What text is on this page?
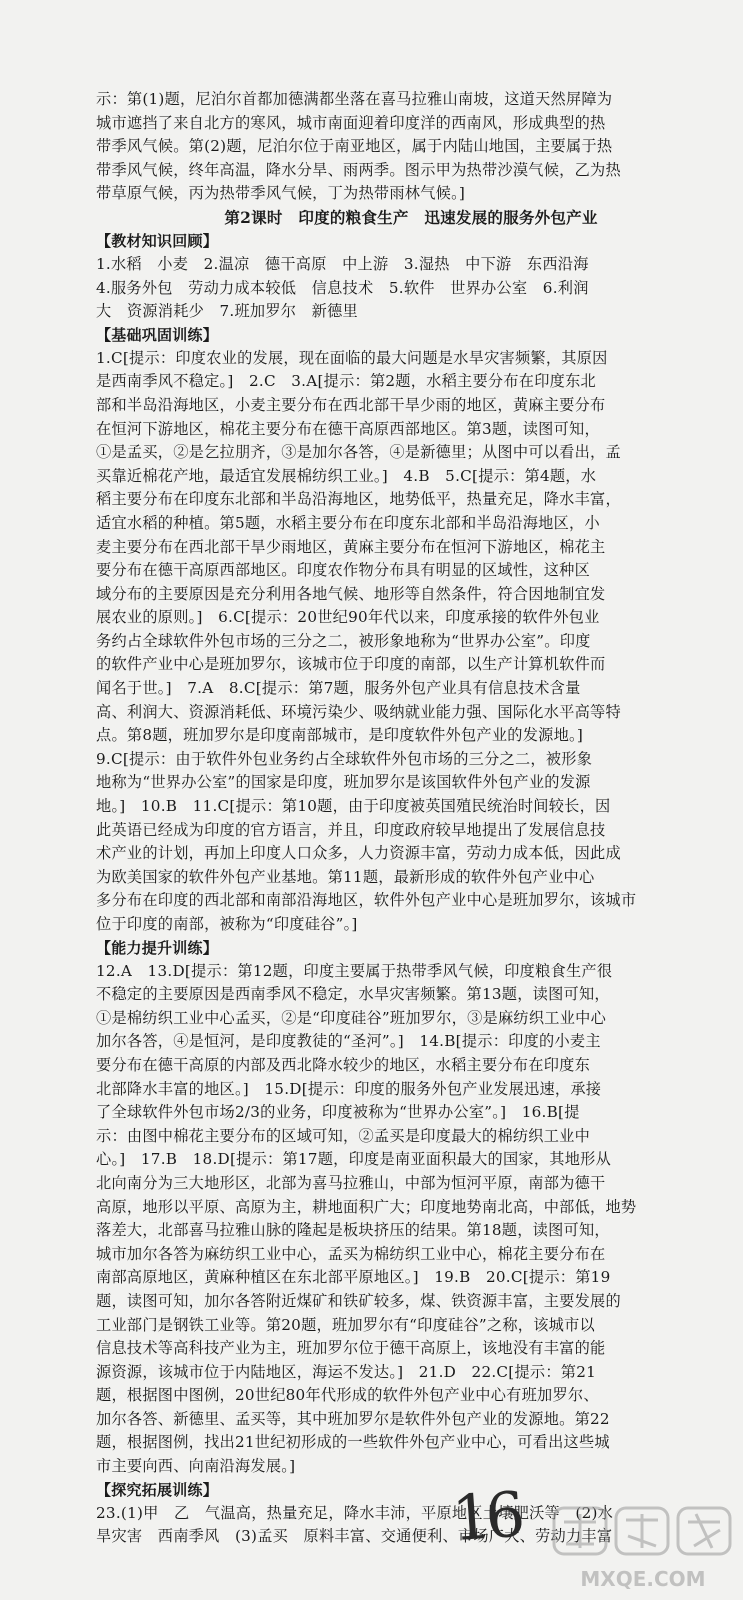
示：第(1)题，尼泊尔首都加德满都坐落在喜马拉雅山南坡，这道天然屏障为

城市遮挡了来自北方的寒风，城市南面迎着印度洋的西南风，形成典型的热

带季风气候。第(2)题，尼泊尔位于南亚地区，属于内陆山地国，主要属于热

带季风气候，终年高温，降水分旱、雨两季。图示甲为热带沙漠气候，乙为热

带草原气候，丙为热带季风气候，丁为热带雨林气候。]

第2课时　印度的粮食生产　迅速发展的服务外包产业

【教材知识回顾】

1.水稻　小麦　2.温凉　德干高原　中上游　3.湿热　中下游　东西沿海

4.服务外包　劳动力成本较低　信息技术　5.软件　世界办公室　6.利润

大　资源消耗少　7.班加罗尔　新德里

【基础巩固训练】

1.C[提示：印度农业的发展，现在面临的最大问题是水旱灾害频繁，其原因

是西南季风不稳定。]　2.C　3.A[提示：第2题，水稻主要分布在印度东北

部和半岛沿海地区，小麦主要分布在西北部干旱少雨的地区，黄麻主要分布

在恒河下游地区，棉花主要分布在德干高原西部地区。第3题，读图可知，

①是孟买，②是乞拉朋齐，③是加尔各答，④是新德里；从图中可以看出，孟

买靠近棉花产地，最适宜发展棉纺织工业。]　4.B　5.C[提示：第4题，水

稻主要分布在印度东北部和半岛沿海地区，地势低平，热量充足，降水丰富，

适宜水稻的种植。第5题，水稻主要分布在印度东北部和半岛沿海地区，小

麦主要分布在西北部干旱少雨地区，黄麻主要分布在恒河下游地区，棉花主

要分布在德干高原西部地区。印度农作物分布具有明显的区域性，这种区

域分布的主要原因是充分利用各地气候、地形等自然条件，符合因地制宜发

展农业的原则。]　6.C[提示：20世纪90年代以来，印度承接的软件外包业

务约占全球软件外包市场的三分之二，被形象地称为“世界办公室”。印度

的软件产业中心是班加罗尔，该城市位于印度的南部，以生产计算机软件而

闻名于世。]　7.A　8.C[提示：第7题，服务外包产业具有信息技术含量

高、利润大、资源消耗低、环境污染少、吸纳就业能力强、国际化水平高等特

点。第8题，班加罗尔是印度南部城市，是印度软件外包产业的发源地。]

9.C[提示：由于软件外包业务约占全球软件外包市场的三分之二，被形象

地称为“世界办公室”的国家是印度，班加罗尔是该国软件外包产业的发源

地。]　10.B　11.C[提示：第10题，由于印度被英国殖民统治时间较长，因

此英语已经成为印度的官方语言，并且，印度政府较早地提出了发展信息技

术产业的计划，再加上印度人口众多，人力资源丰富，劳动力成本低，因此成

为欧美国家的软件外包产业基地。第11题，最新形成的软件外包产业中心

多分布在印度的西北部和南部沿海地区，软件外包产业中心是班加罗尔，该城市

位于印度的南部，被称为“印度硅谷”。]

【能力提升训练】

12.A　13.D[提示：第12题，印度主要属于热带季风气候，印度粮食生产很

不稳定的主要原因是西南季风不稳定，水旱灾害频繁。第13题，读图可知，

①是棉纺织工业中心孟买，②是“印度硅谷”班加罗尔，③是麻纺织工业中心

加尔各答，④是恒河，是印度教徒的“圣河”。]　14.B[提示：印度的小麦主

要分布在德干高原的内部及西北降水较少的地区，水稻主要分布在印度东

北部降水丰富的地区。]　15.D[提示：印度的服务外包产业发展迅速，承接

了全球软件外包市场2/3的业务，印度被称为“世界办公室”。]　16.B[提

示：由图中棉花主要分布的区域可知，②孟买是印度最大的棉纺织工业中

心。]　17.B　18.D[提示：第17题，印度是南亚面积最大的国家，其地形从

北向南分为三大地形区，北部为喜马拉雅山，中部为恒河平原，南部为德干

高原，地形以平原、高原为主，耕地面积广大；印度地势南北高，中部低，地势

落差大，北部喜马拉雅山脉的隆起是板块挤压的结果。第18题，读图可知，

城市加尔各答为麻纺织工业中心，孟买为棉纺织工业中心，棉花主要分布在

南部高原地区，黄麻种植区在东北部平原地区。]　19.B　20.C[提示：第19

题，读图可知，加尔各答附近煤矿和铁矿较多，煤、铁资源丰富，主要发展的

工业部门是钢铁工业等。第20题，班加罗尔有“印度硅谷”之称，该城市以

信息技术等高科技产业为主，班加罗尔位于德干高原上，该地没有丰富的能

源资源，该城市位于内陆地区，海运不发达。]　21.D　22.C[提示：第21

题，根据图中图例，20世纪80年代形成的软件外包产业中心有班加罗尔、

加尔各答、新德里、孟买等，其中班加罗尔是软件外包产业的发源地。第22

题，根据图例，找出21世纪初形成的一些软件外包产业中心，可看出这些城

市主要向西、向南沿海发展。]

【探究拓展训练】

23.(1)甲　乙　气温高，热量充足，降水丰沛，平原地区土壤肥沃等　(2)水

旱灾害　西南季风　(3)孟买　原料丰富、交通便利、市场广大、劳动力丰富

16
MXQE.COM
